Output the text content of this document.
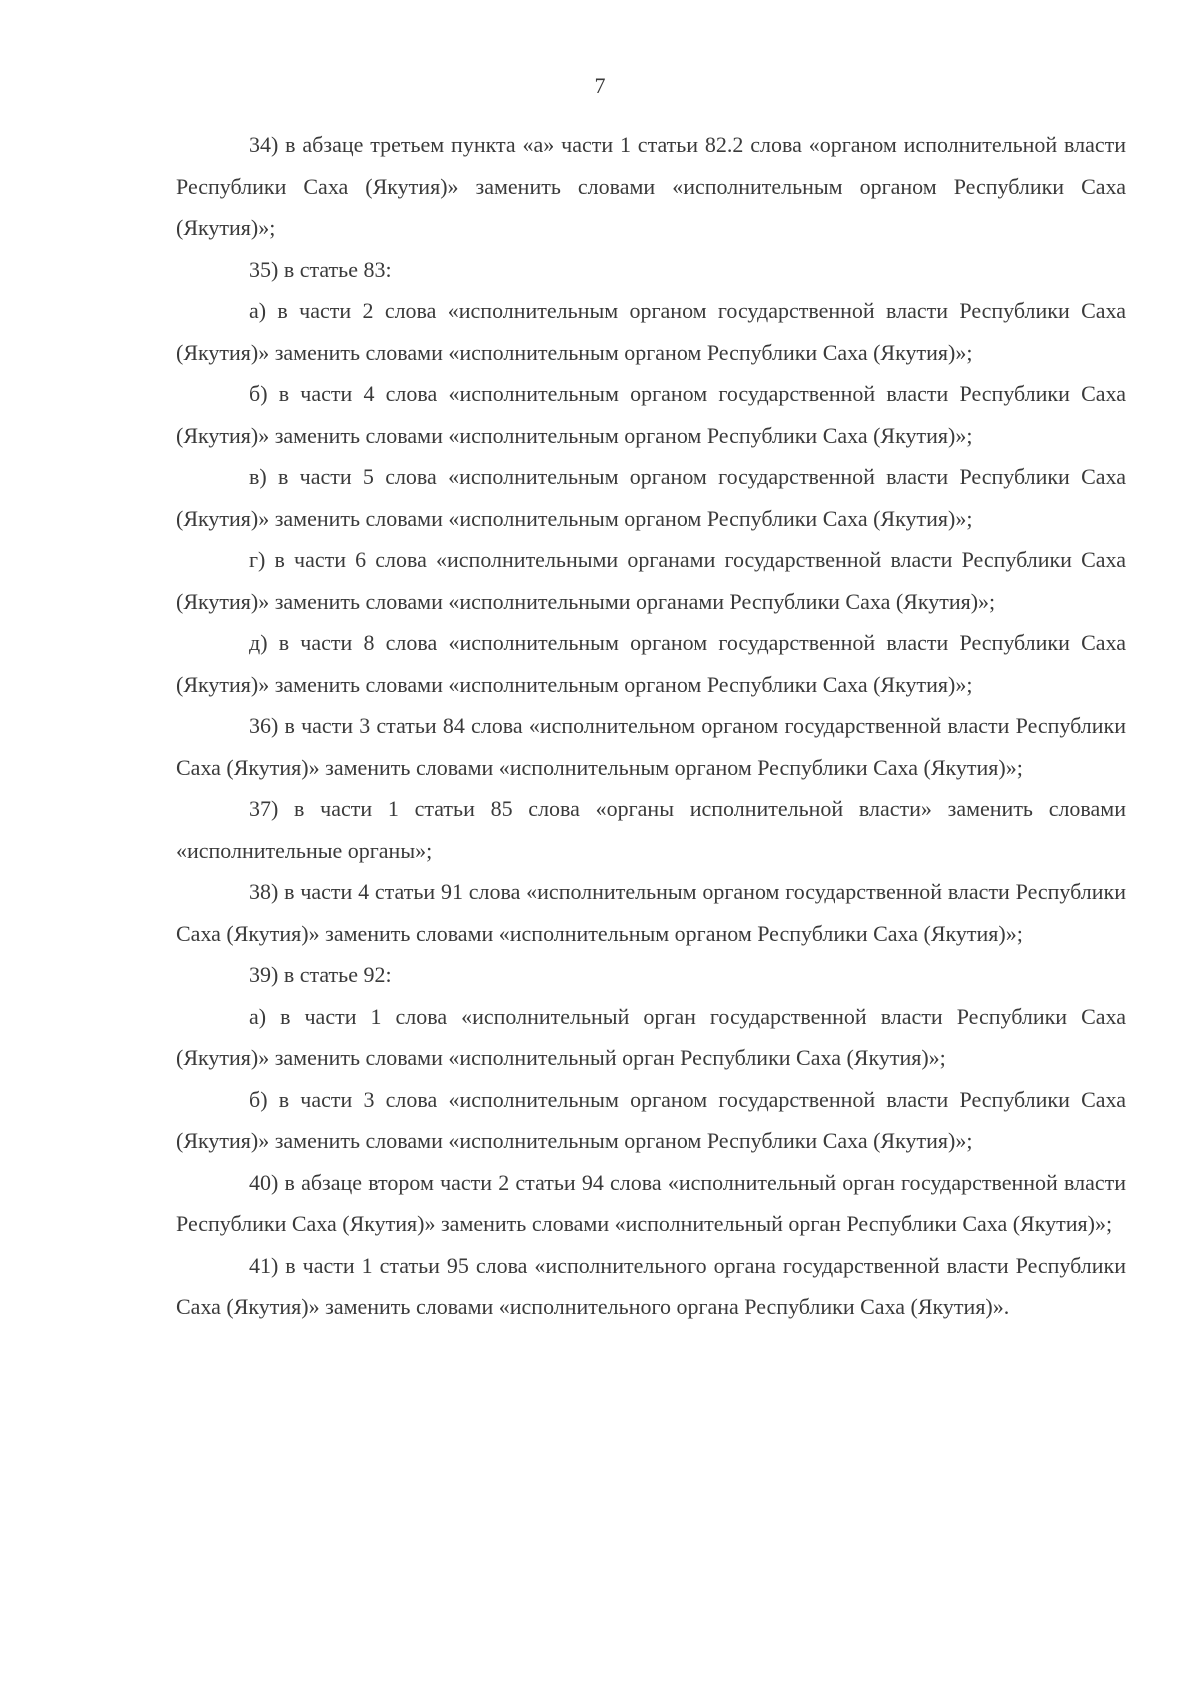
7

34) в абзаце третьем пункта «а» части 1 статьи 82.2 слова «органом исполнительной власти Республики Саха (Якутия)» заменить словами «исполнительным органом Республики Саха (Якутия)»;

35) в статье 83:

а) в части 2 слова «исполнительным органом государственной власти Республики Саха (Якутия)» заменить словами «исполнительным органом Республики Саха (Якутия)»;

б) в части 4 слова «исполнительным органом государственной власти Республики Саха (Якутия)» заменить словами «исполнительным органом Республики Саха (Якутия)»;

в) в части 5 слова «исполнительным органом государственной власти Республики Саха (Якутия)» заменить словами «исполнительным органом Республики Саха (Якутия)»;

г) в части 6 слова «исполнительными органами государственной власти Республики Саха (Якутия)» заменить словами «исполнительными органами Республики Саха (Якутия)»;

д) в части 8 слова «исполнительным органом государственной власти Республики Саха (Якутия)» заменить словами «исполнительным органом Республики Саха (Якутия)»;

36) в части 3 статьи 84 слова «исполнительном органом государственной власти Республики Саха (Якутия)» заменить словами «исполнительным органом Республики Саха (Якутия)»;

37) в части 1 статьи 85 слова «органы исполнительной власти» заменить словами «исполнительные органы»;

38) в части 4 статьи 91 слова «исполнительным органом государственной власти Республики Саха (Якутия)» заменить словами «исполнительным органом Республики Саха (Якутия)»;

39) в статье 92:

а) в части 1 слова «исполнительный орган государственной власти Республики Саха (Якутия)» заменить словами «исполнительный орган Республики Саха (Якутия)»;

б) в части 3 слова «исполнительным органом государственной власти Республики Саха (Якутия)» заменить словами «исполнительным органом Республики Саха (Якутия)»;

40) в абзаце втором части 2 статьи 94 слова «исполнительный орган государственной власти Республики Саха (Якутия)» заменить словами «исполнительный орган Республики Саха (Якутия)»;

41) в части 1 статьи 95 слова «исполнительного органа государственной власти Республики Саха (Якутия)» заменить словами «исполнительного органа Республики Саха (Якутия)».
